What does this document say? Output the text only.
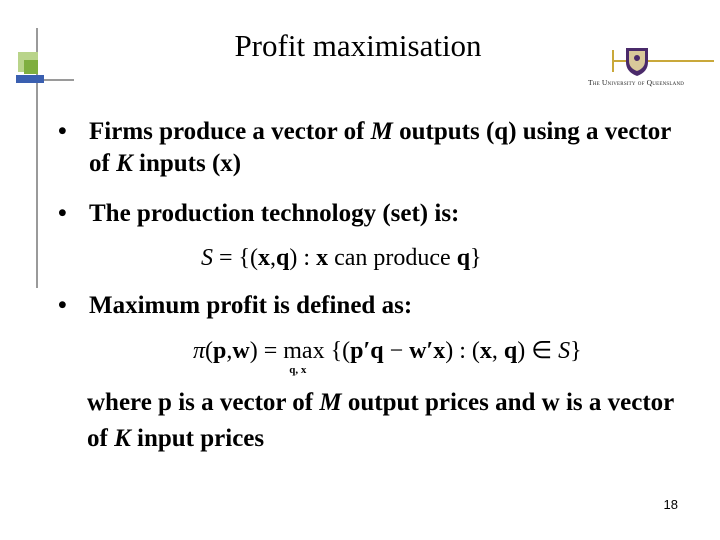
Profit maximisation
The University of Queensland
• Firms produce a vector of M outputs (q) using a vector of K inputs (x)
• The production technology (set) is:
S = {(x,q) : x can produce q}
• Maximum profit is defined as:
π(p,w) = max
q, x
{(p′q − w′x) : (x, q) ∈ S}
where p is a vector of M output prices and w is a vector of K input prices
18
